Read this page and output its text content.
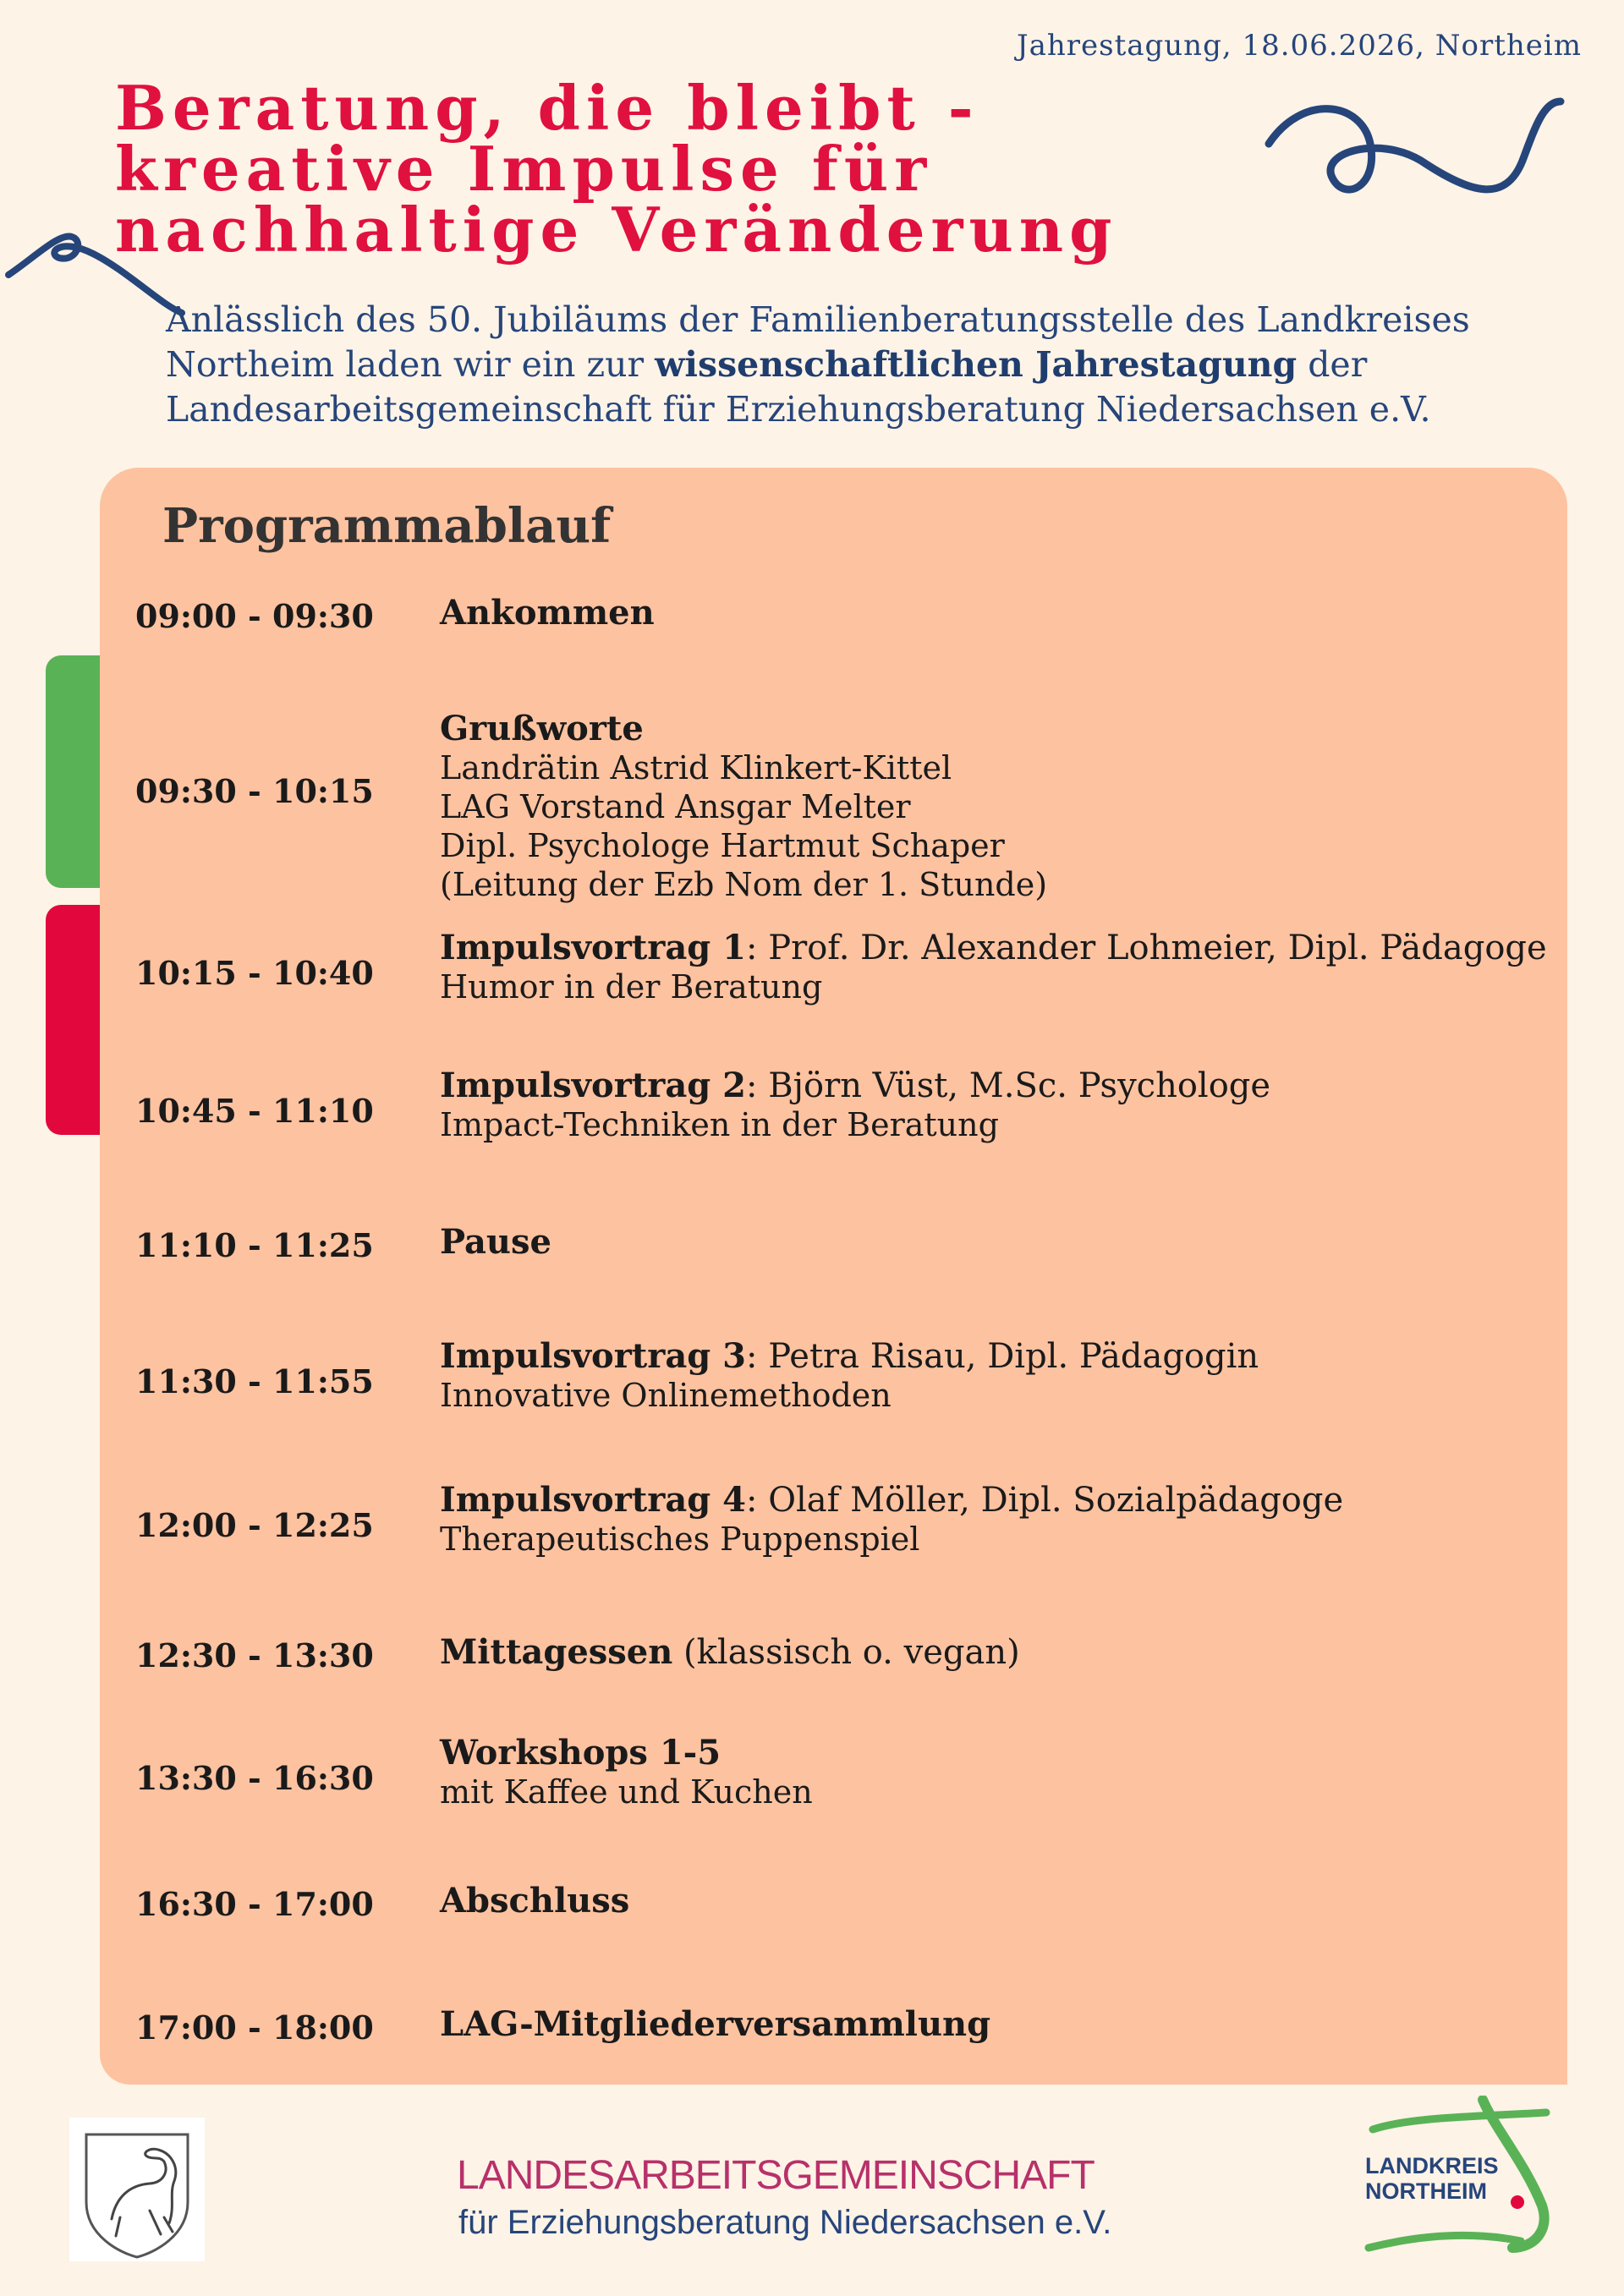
Jahrestagung, 18.06.2026, Northeim
Beratung, die bleibt -
kreative Impulse für
nachhaltige Veränderung
Anlässlich des 50. Jubiläums der Familienberatungsstelle des Landkreises Northeim laden wir ein zur wissenschaftlichen Jahrestagung der Landesarbeitsgemeinschaft für Erziehungsberatung Niedersachsen e.V.
Programmablauf
09:00 - 09:30 Ankommen
09:30 - 10:15
Grußworte
Landrätin Astrid Klinkert-Kittel
LAG Vorstand Ansgar Melter
Dipl. Psychologe Hartmut Schaper
(Leitung der Ezb Nom der 1. Stunde)
10:15 - 10:40
Impulsvortrag 1: Prof. Dr. Alexander Lohmeier, Dipl. Pädagoge
Humor in der Beratung
10:45 - 11:10
Impulsvortrag 2: Björn Vüst, M.Sc. Psychologe
Impact-Techniken in der Beratung
11:10 - 11:25 Pause
11:30 - 11:55
Impulsvortrag 3: Petra Risau, Dipl. Pädagogin
Innovative Onlinemethoden
12:00 - 12:25
Impulsvortrag 4: Olaf Möller, Dipl. Sozialpädagoge
Therapeutisches Puppenspiel
12:30 - 13:30 Mittagessen (klassisch o. vegan)
13:30 - 16:30
Workshops 1-5
mit Kaffee und Kuchen
16:30 - 17:00 Abschluss
17:00 - 18:00 LAG-Mitgliederversammlung
LANDESARBEITSGEMEINSCHAFT
für Erziehungsberatung Niedersachsen e.V.
LANDKREIS
NORTHEIM
